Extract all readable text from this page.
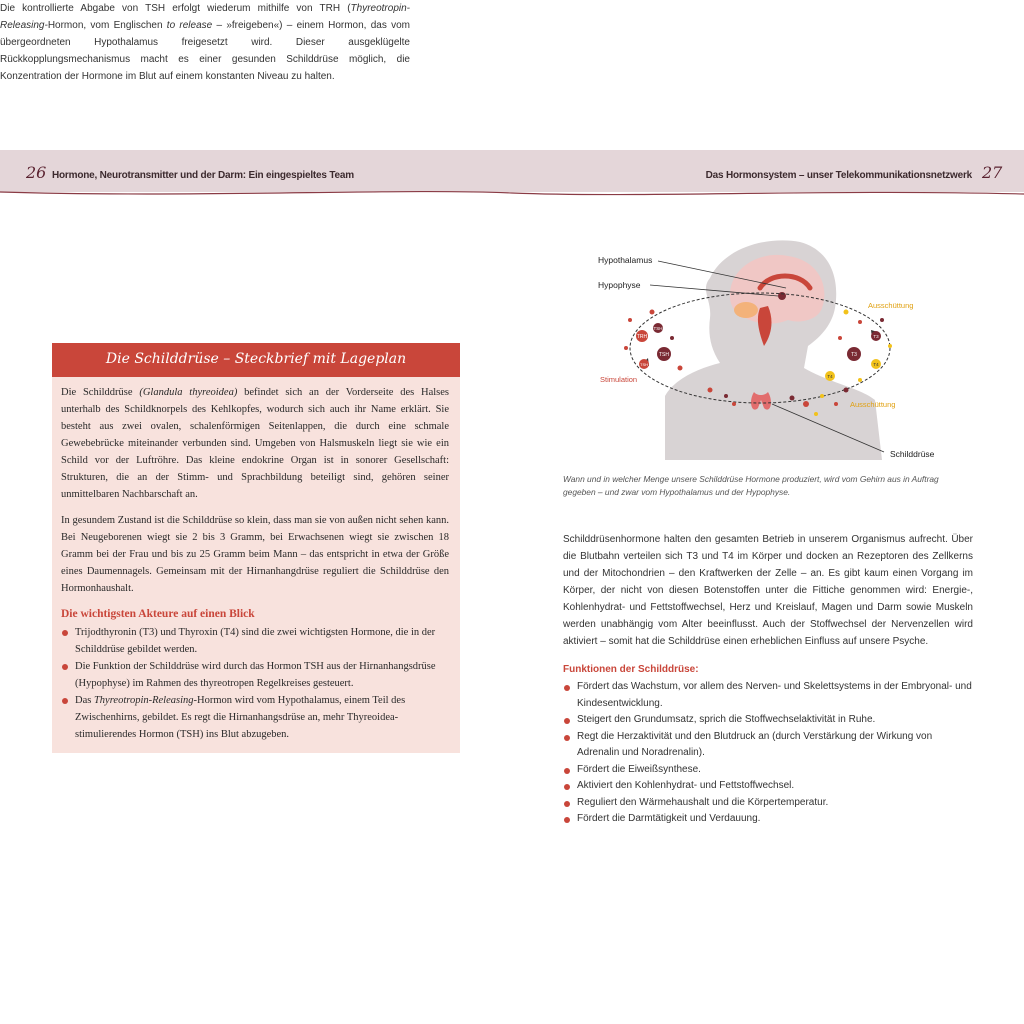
26 Hormone, Neurotransmitter und der Darm: Ein eingespieltes Team	Das Hormonsystem – unser Telekommunikationsnetzwerk 27
Die kontrollierte Abgabe von TSH erfolgt wiederum mithilfe von TRH (Thyreotropin-Releasing-Hormon, vom Englischen to release – »freigeben«) – einem Hormon, das vom übergeordneten Hypothalamus freigesetzt wird. Dieser ausgeklügelte Rückkopplungsmechanismus macht es einer gesunden Schilddrüse möglich, die Konzentration der Hormone im Blut auf einem konstanten Niveau zu halten.
Die Schilddrüse – Steckbrief mit Lageplan

Die Schilddrüse (Glandula thyreoidea) befindet sich an der Vorderseite des Halses unterhalb des Schildknorpels des Kehlkopfes, wodurch sich auch ihr Name erklärt. Sie besteht aus zwei ovalen, schalenförmigen Seitenlappen, die durch eine schmale Gewebebrücke miteinander verbunden sind. Umgeben von Halsmuskeln liegt sie wie ein Schild vor der Luftröhre. Das kleine endokrine Organ ist in sonorer Gesellschaft: Strukturen, die an der Stimm- und Sprachbildung beteiligt sind, gehören seiner unmittelbaren Nachbarschaft an.

In gesundem Zustand ist die Schilddrüse so klein, dass man sie von außen nicht sehen kann. Bei Neugeborenen wiegt sie 2 bis 3 Gramm, bei Erwachsenen wiegt sie zwischen 18 Gramm bei der Frau und bis zu 25 Gramm beim Mann – das entspricht in etwa der Größe eines Daumennagels. Gemeinsam mit der Hirnanhangdrüse reguliert die Schilddrüse den Hormonhaushalt.

Die wichtigsten Akteure auf einen Blick
Trijodthyronin (T3) und Thyroxin (T4) sind die zwei wichtigsten Hormone, die in der Schilddrüse gebildet werden.
Die Funktion der Schilddrüse wird durch das Hormon TSH aus der Hirnanhangsdrüse (Hypophyse) im Rahmen des thyreotropen Regelkreises gesteuert.
Das Thyreotropin-Releasing-Hormon wird vom Hypothalamus, einem Teil des Zwischenhirns, gebildet. Es regt die Hirnanhangsdrüse an, mehr Thyreoidea-stimulierendes Hormon (TSH) ins Blut abzugeben.
TRH
TSH
TSH
TSH
T3
T3
T4
T4
Hypothalamus
Hypophyse
Stimulation
Ausschüttung
Ausschüttung
Schilddrüse
Wann und in welcher Menge unsere Schilddrüse Hormone produziert, wird vom Gehirn aus in Auftrag gegeben – und zwar vom Hypothalamus und der Hypophyse.
Schilddrüsenhormone halten den gesamten Betrieb in unserem Organismus aufrecht. Über die Blutbahn verteilen sich T3 und T4 im Körper und docken an Rezeptoren des Zellkerns und der Mitochondrien – den Kraftwerken der Zelle – an. Es gibt kaum einen Vorgang im Körper, der nicht von diesen Botenstoffen unter die Fittiche genommen wird: Energie-, Kohlenhydrat- und Fettstoffwechsel, Herz und Kreislauf, Magen und Darm sowie Muskeln werden unabhängig vom Alter beeinflusst. Auch der Stoffwechsel der Nervenzellen wird aktiviert – somit hat die Schilddrüse einen erheblichen Einfluss auf unsere Psyche.
Funktionen der Schilddrüse:
Fördert das Wachstum, vor allem des Nerven- und Skelettsystems in der Embryonal- und Kindesentwicklung.
Steigert den Grundumsatz, sprich die Stoffwechselaktivität in Ruhe.
Regt die Herzaktivität und den Blutdruck an (durch Verstärkung der Wirkung von Adrenalin und Noradrenalin).
Fördert die Eiweißsynthese.
Aktiviert den Kohlenhydrat- und Fettstoffwechsel.
Reguliert den Wärmehaushalt und die Körpertemperatur.
Fördert die Darmtätigkeit und Verdauung.
